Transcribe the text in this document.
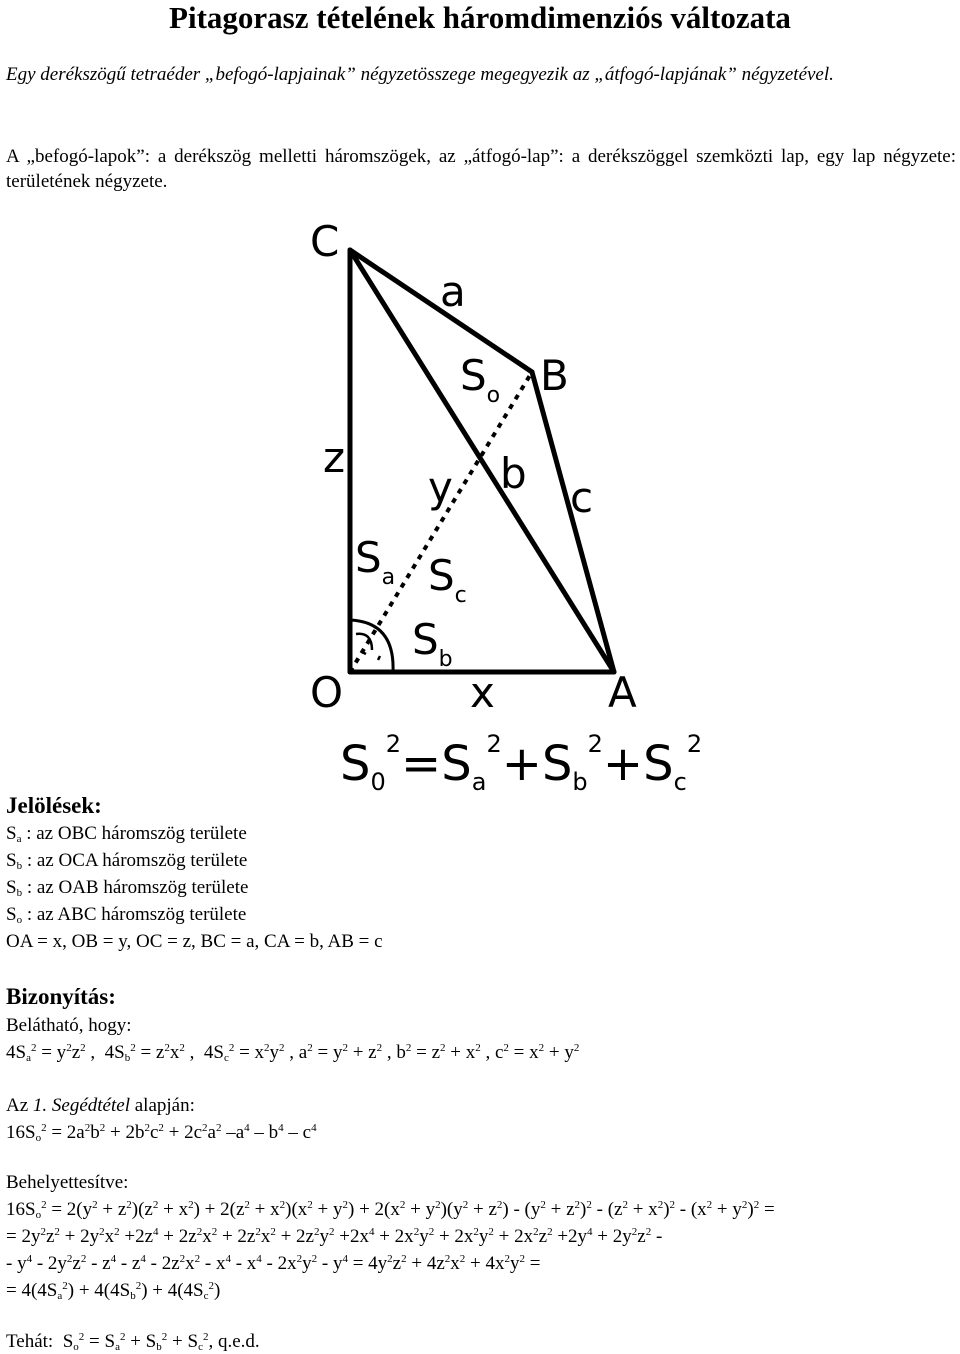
Pitagorasz tételének háromdimenziós változata
Egy derékszögű tetraéder „befogó-lapjainak” négyzetösszege megegyezik az „átfogó-lapjának” négyzetével.
A „befogó-lapok”: a derékszög melletti háromszögek, az „átfogó-lap”: a derékszöggel szemközti lap, egy lap négyzete: területének négyzete.
C
B
O	A
a
b c
z
y
x
$S_o$
$S_a$ $S_c$
$S_b$
$S_0^2=S_a^2+S_b^2+S_c^2$
Jelölések:
$S_a$ : az OBC háromszög területe
$S_b$ : az OCA háromszög területe
$S_b$ : az OAB háromszög területe
$S_o$ : az ABC háromszög területe
OA = x, OB = y, OC = z, BC = a, CA = b, AB = c
Bizonyítás:
Belátható, hogy:
$4S_a^2 = y^2z^2$ ,  $4S_b^2 = z^2x^2$ ,  $4S_c^2 = x^2y^2$ , $a^2 = y^2 + z^2$ , $b^2 = z^2 + x^2$ , $c^2 = x^2 + y^2$
Az 1. Segédtétel alapján:
$16S_o^2 = 2a^2b^2 + 2b^2c^2 + 2c^2a^2$ $-a^4 - b^4 - c^4$
Behelyettesítve:
$16S_o^2 = 2(y^2 + z^2)(z^2 + x^2) + 2(z^2 + x^2)(x^2 + y^2) + 2(x^2 + y^2)(y^2 + z^2) - (y^2 + z^2)^2 - (z^2 + x^2)^2 - (x^2 + y^2)^2$ =
= $2y^2z^2 + 2y^2x^2 +2z^4 + 2z^2x^2 + 2z^2x^2 + 2z^2y^2 +2x^4 + 2x^2y^2 + 2x^2y^2 + 2x^2z^2 +2y^4 + 2y^2z^2$ -
- $y^4 - 2y^2z^2 - z^4 - z^4 - 2z^2x^2 - x^4 - x^4 - 2x^2y^2 - y^4 = 4y^2z^2 + 4z^2x^2 + 4x^2y^2$ =
= $4(4S_a^2) + 4(4S_b^2) + 4(4S_c^2)$
Tehát:  $S_o^2 = S_a^2 + S_b^2 + S_c^2$, q.e.d.
